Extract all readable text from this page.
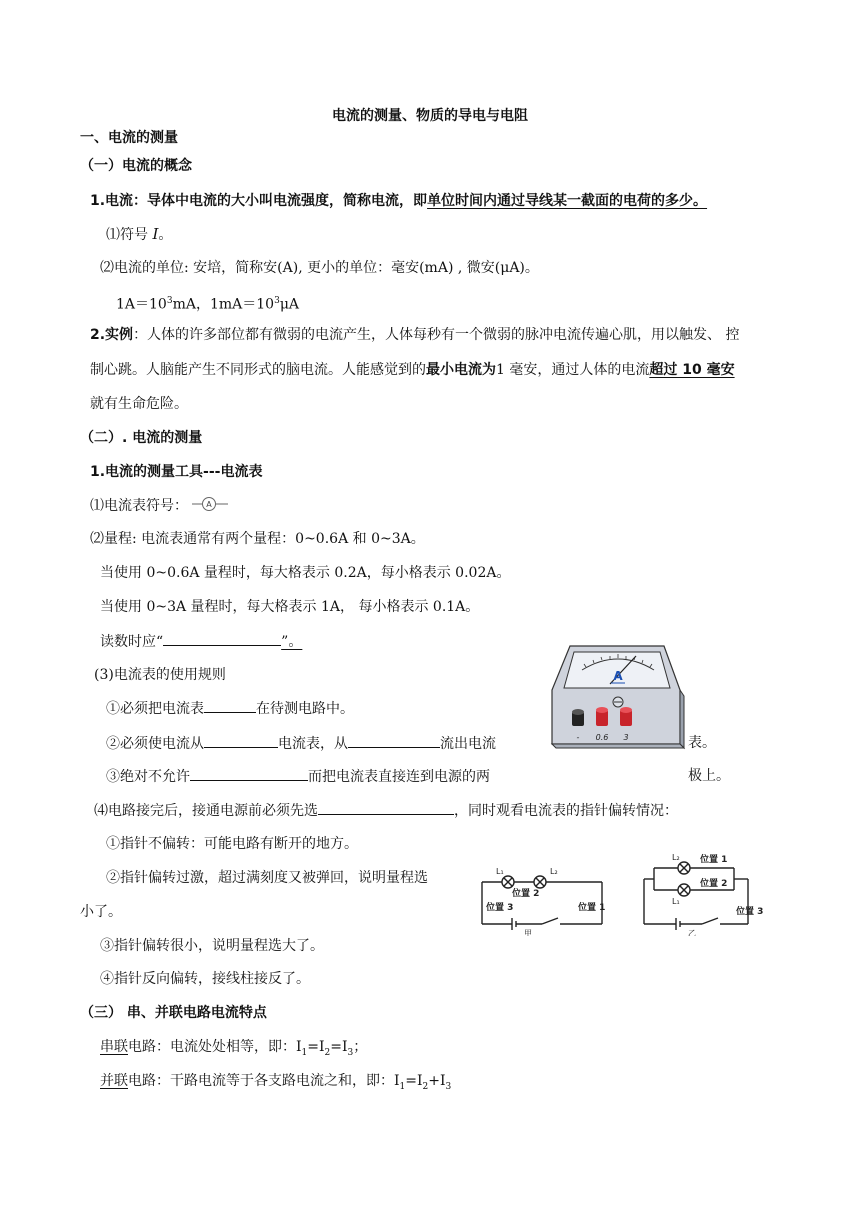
电流的测量、物质的导电与电阻
一、电流的测量
（一）电流的概念
1.电流：导体中电流的大小叫电流强度，简称电流，即单位时间内通过导线某一截面的电荷的多少。
⑴符号 I。
⑵电流的单位: 安培，简称安(A), 更小的单位：毫安(mA) , 微安(μA)。
$1A=10^3mA$，$1mA=10^3\mu A$
2.实例：人体的许多部位都有微弱的电流产生，人体每秒有一个微弱的脉冲电流传遍心肌，用以触发、 控
制心跳。人脑能产生不同形式的脑电流。人能感觉到的最小电流为1 毫安，通过人体的电流超过 10 毫安
就有生命危险。
（二）. 电流的测量
1.电流的测量工具---电流表
⑴电流表符号： A
⑵量程: 电流表通常有两个量程：0~0.6A 和 0~3A。
当使用 0~0.6A 量程时，每大格表示 0.2A，每小格表示 0.02A。
当使用 0~3A 量程时，每大格表示 1A， 每小格表示 0.1A。
读数时应“	”。
(3)电流表的使用规则
①必须把电流表	在待测电路中。
②必须使电流从	电流表，从	流出电流	表。
③绝对不允许	而把电流表直接连到电源的两	极上。
A
- 0.6 3
⑷电路接完后，接通电源前必须先选	，同时观看电流表的指针偏转情况：
①指针不偏转：可能电路有断开的地方。
②指针偏转过激，超过满刻度又被弹回，说明量程选
小了。
③指针偏转很小，说明量程选大了。
④指针反向偏转，接线柱接反了。
L₁	L₂
位置 2
位置 3	位置 1
甲
L₂ 位置 1
L₁
位置 2
位置 3
乙
（三） 串、并联电路电流特点
串联电路：电流处处相等，即：$I_1=I_2=I_3$；
并联电路：干路电流等于各支路电流之和，即：$I_1=I_2+I_3$
